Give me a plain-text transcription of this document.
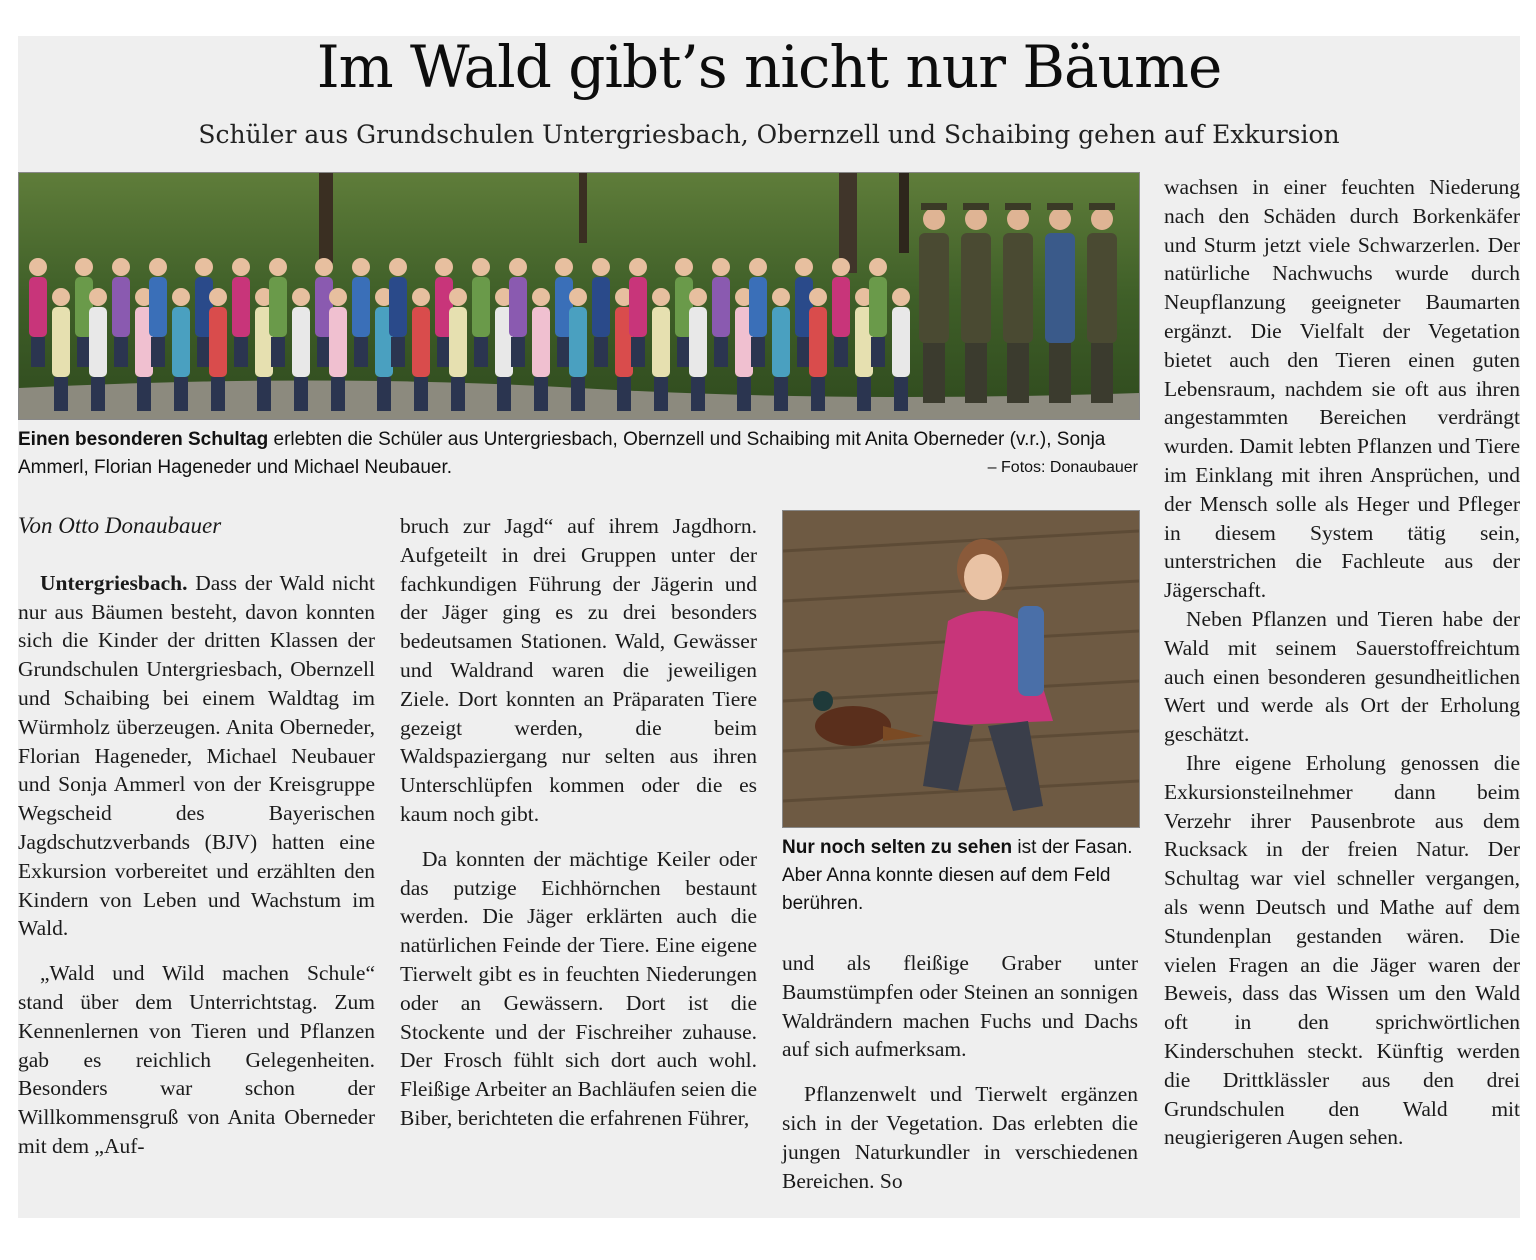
Im Wald gibt’s nicht nur Bäume
Schüler aus Grundschulen Untergriesbach, Obernzell und Schaibing gehen auf Exkursion
Einen besonderen Schultag erlebten die Schüler aus Untergriesbach, Obernzell und Schaibing mit Anita Oberneder (v.r.), Sonja Ammerl, Florian Hageneder und Michael Neubauer.	– Fotos: Donaubauer

Von Otto Donaubauer

Untergriesbach. Dass der Wald nicht nur aus Bäumen besteht, davon konnten sich die Kinder der dritten Klassen der Grundschulen Untergriesbach, Obernzell und Schaibing bei einem Waldtag im Würmholz überzeugen. Anita Oberneder, Florian Hageneder, Michael Neubauer und Sonja Ammerl von der Kreisgruppe Wegscheid des Bayerischen Jagdschutzverbands (BJV) hatten eine Exkursion vorbereitet und erzählten den Kindern von Leben und Wachstum im Wald.

„Wald und Wild machen Schule“ stand über dem Unterrichtstag. Zum Kennenlernen von Tieren und Pflanzen gab es reichlich Gelegenheiten. Besonders war schon der Willkommensgruß von Anita Oberneder mit dem „Auf-

bruch zur Jagd“ auf ihrem Jagdhorn. Aufgeteilt in drei Gruppen unter der fachkundigen Führung der Jägerin und der Jäger ging es zu drei besonders bedeutsamen Stationen. Wald, Gewässer und Waldrand waren die jeweiligen Ziele. Dort konnten an Präparaten Tiere gezeigt werden, die beim Waldspaziergang nur selten aus ihren Unterschlüpfen kommen oder die es kaum noch gibt.

Da konnten der mächtige Keiler oder das putzige Eichhörnchen bestaunt werden. Die Jäger erklärten auch die natürlichen Feinde der Tiere. Eine eigene Tierwelt gibt es in feuchten Niederungen oder an Gewässern. Dort ist die Stockente und der Fischreiher zuhause. Der Frosch fühlt sich dort auch wohl. Fleißige Arbeiter an Bachläufen seien die Biber, berichteten die erfahrenen Führer,

Nur noch selten zu sehen ist der Fasan. Aber Anna konnte diesen auf dem Feld berühren.

und als fleißige Graber unter Baumstümpfen oder Steinen an sonnigen Waldrändern machen Fuchs und Dachs auf sich aufmerksam.

Pflanzenwelt und Tierwelt ergänzen sich in der Vegetation. Das erlebten die jungen Naturkundler in verschiedenen Bereichen. So

wachsen in einer feuchten Niederung nach den Schäden durch Borkenkäfer und Sturm jetzt viele Schwarzerlen. Der natürliche Nachwuchs wurde durch Neupflanzung geeigneter Baumarten ergänzt. Die Vielfalt der Vegetation bietet auch den Tieren einen guten Lebensraum, nachdem sie oft aus ihren angestammten Bereichen verdrängt wurden. Damit lebten Pflanzen und Tiere im Einklang mit ihren Ansprüchen, und der Mensch solle als Heger und Pfleger in diesem System tätig sein, unterstrichen die Fachleute aus der Jägerschaft.

Neben Pflanzen und Tieren habe der Wald mit seinem Sauerstoffreichtum auch einen besonderen gesundheitlichen Wert und werde als Ort der Erholung geschätzt.

Ihre eigene Erholung genossen die Exkursionsteilnehmer dann beim Verzehr ihrer Pausenbrote aus dem Rucksack in der freien Natur. Der Schultag war viel schneller vergangen, als wenn Deutsch und Mathe auf dem Stundenplan gestanden wären. Die vielen Fragen an die Jäger waren der Beweis, dass das Wissen um den Wald oft in den sprichwörtlichen Kinderschuhen steckt. Künftig werden die Drittklässler aus den drei Grundschulen den Wald mit neugierigeren Augen sehen.
